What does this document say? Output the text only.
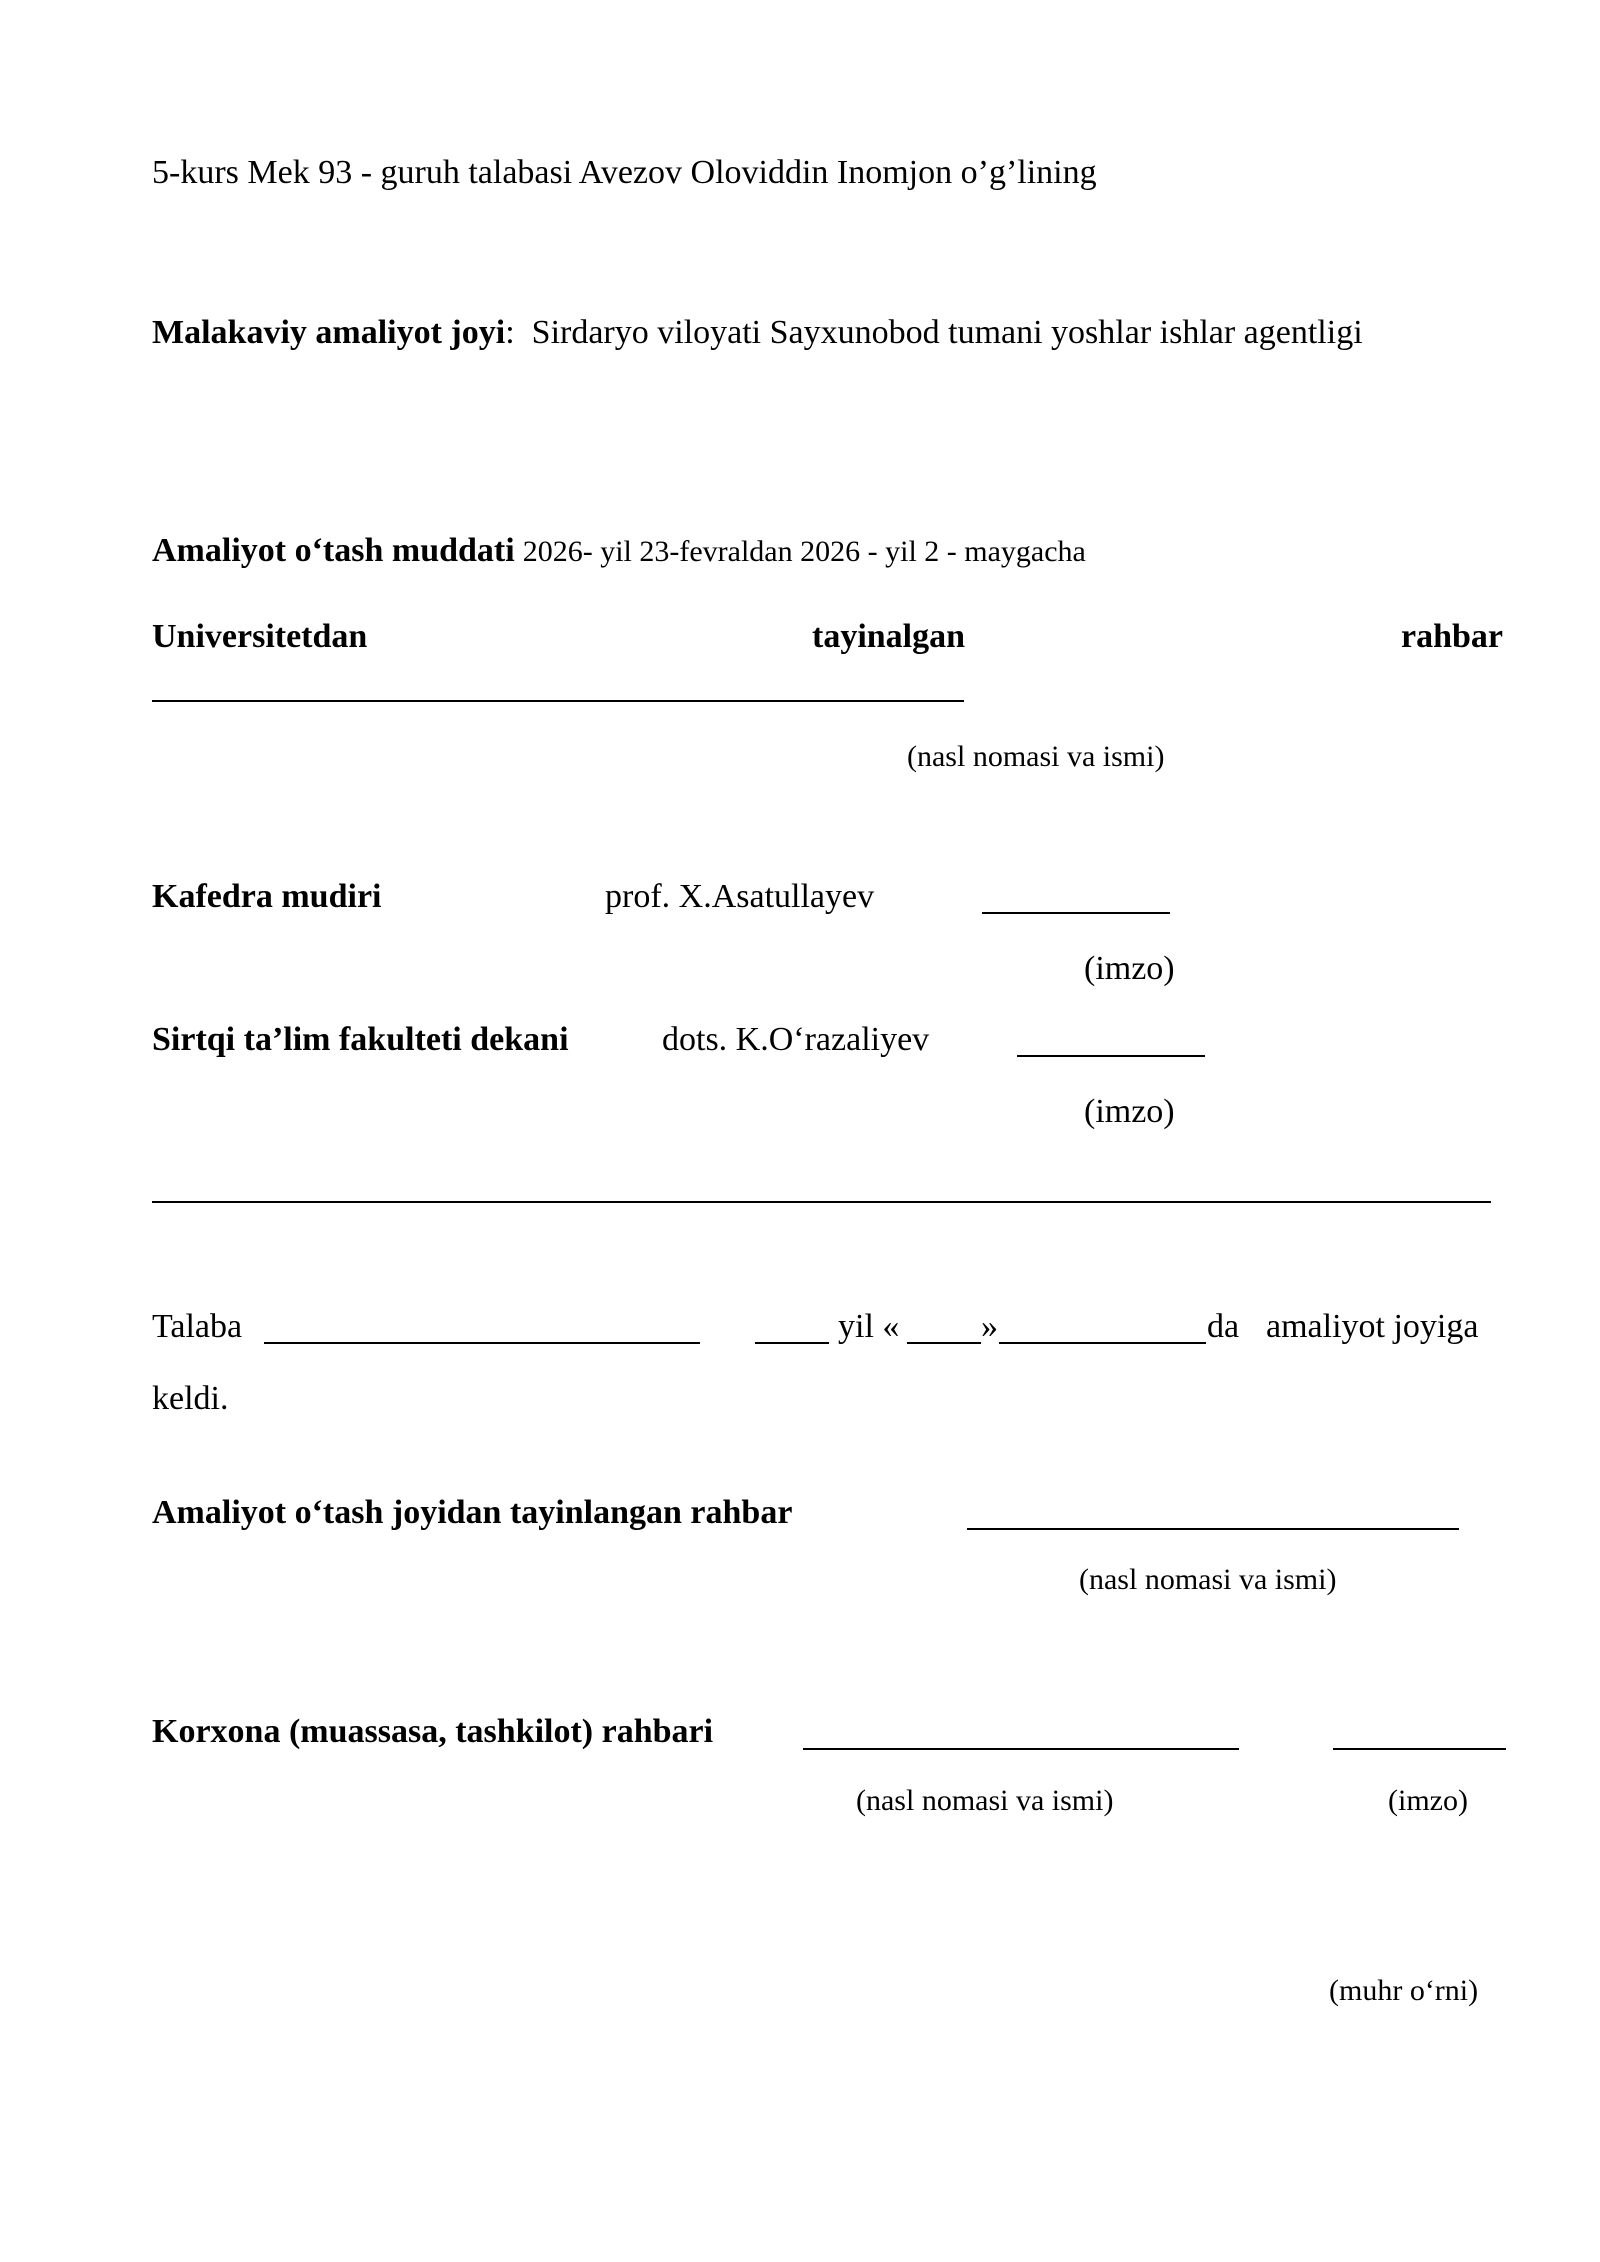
5-kurs Mek 93 - guruh talabasi Avezov Oloviddin Inomjon o’g’lining
Malakaviy amaliyot joyi: Sirdaryo viloyati Sayxunobod tumani yoshlar ishlar agentligi
Amaliyot o‘tash muddati 2026- yil 23-fevraldan 2026 - yil 2 - maygacha
Universitetdan	tayinalgan	rahbar
(nasl nomasi va ismi)
Kafedra mudiri	prof. X.Asatullayev
(imzo)
Sirtqi ta’lim fakulteti dekani	dots. K.O‘razaliyev
(imzo)
Talaba	yil « »	da amaliyot joyiga
keldi.
Amaliyot o‘tash joyidan tayinlangan rahbar
(nasl nomasi va ismi)
Korxona (muassasa, tashkilot) rahbari
(nasl nomasi va ismi)	(imzo)
(muhr o‘rni)
